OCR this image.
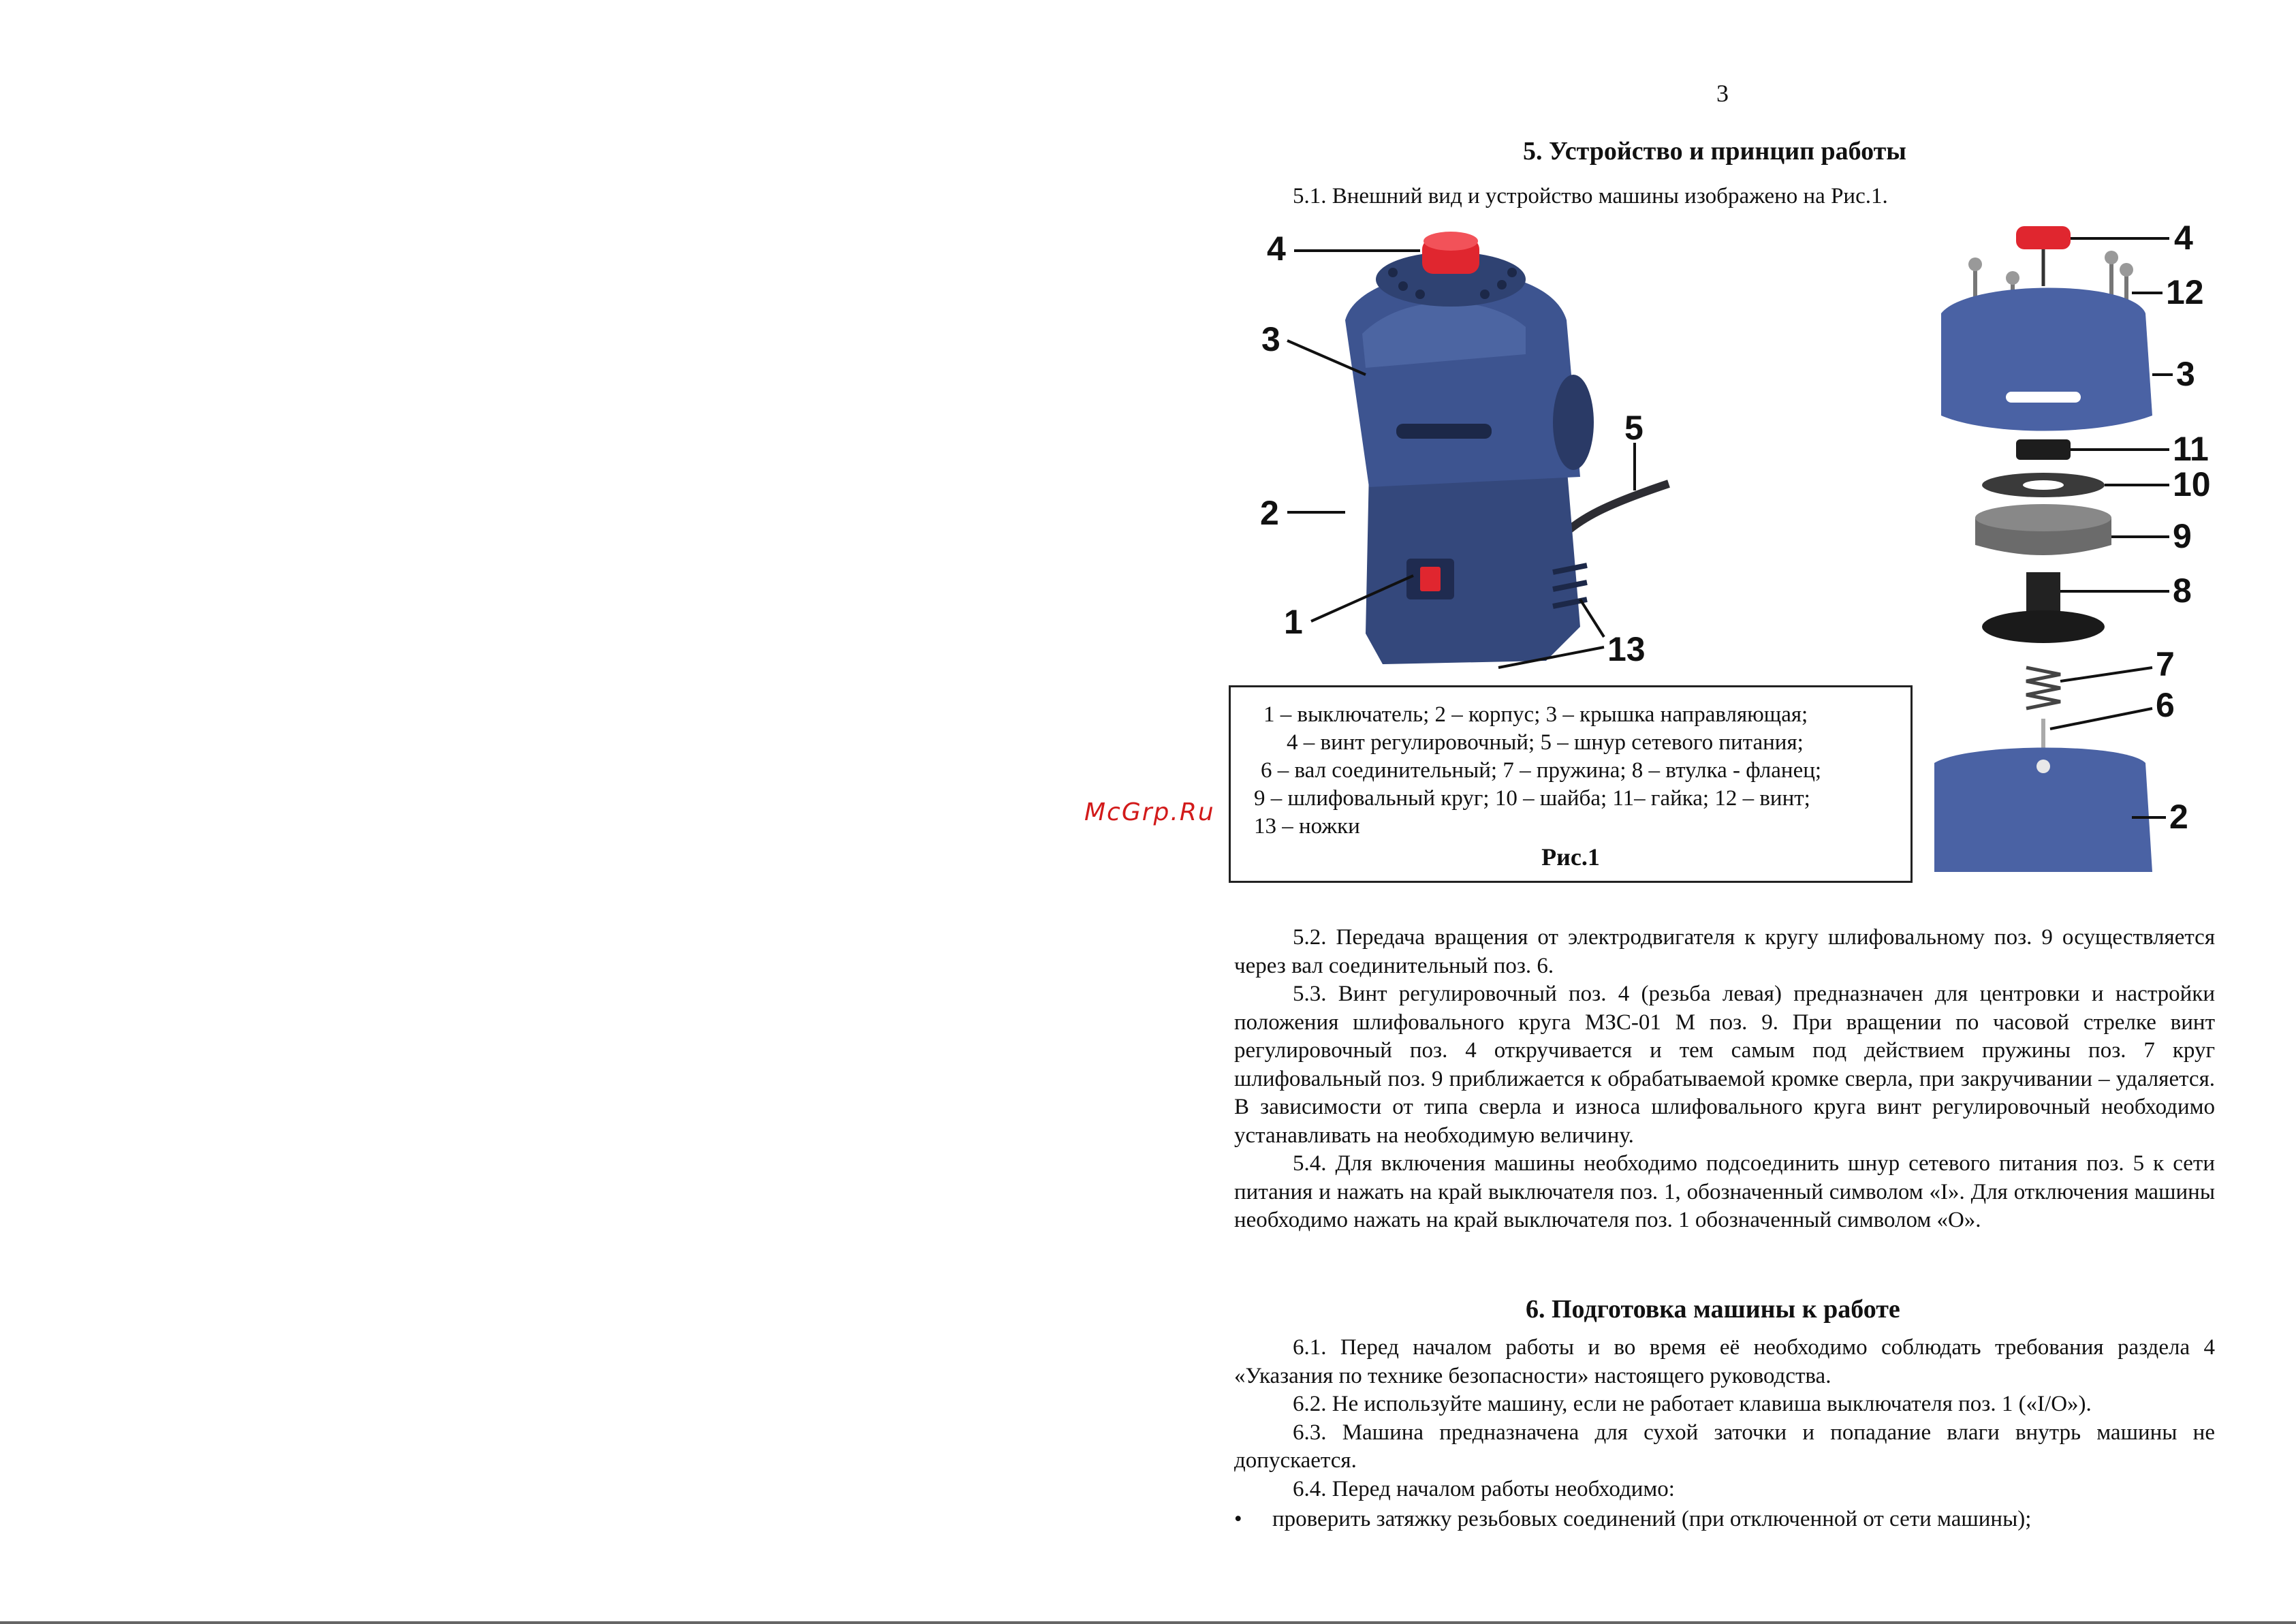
McGrp.Ru
3
5. Устройство и принцип работы
5.1. Внешний вид и устройство машины изображено на Рис.1.
4
3
5
2
1
13
4
12
3
11
10
9
8
7
6
2
1 – выключатель; 2 – корпус; 3 – крышка направляющая;
4 – винт регулировочный; 5 – шнур сетевого питания;
6 – вал соединительный; 7 – пружина; 8 – втулка - фланец;
9 – шлифовальный круг; 10 – шайба; 11– гайка; 12 – винт;
13 – ножки
Рис.1

5.2. Передача вращения от электродвигателя к кругу шлифовальному поз. 9 осуществляется через вал соединительный поз. 6.

5.3. Винт регулировочный поз. 4 (резьба левая) предназначен для центровки и настройки положения шлифовального круга МЗС-01 М поз. 9. При вращении по часовой стрелке винт регулировочный поз. 4 откручивается и тем самым под действием пружины поз. 7 круг шлифовальный поз. 9 приближается к обрабатываемой кромке сверла, при закручивании – удаляется. В зависимости от типа сверла и износа шлифовального круга винт регулировочный необходимо устанавливать на необходимую величину.

5.4. Для включения машины необходимо подсоединить шнур сетевого питания поз. 5 к сети питания и нажать на край выключателя поз. 1, обозначенный символом «I». Для отключения машины необходимо нажать на край выключателя поз. 1 обозначенный символом «O».

6. Подготовка машины к работе

6.1. Перед началом работы и во время её необходимо соблюдать требования раздела 4 «Указания по технике безопасности» настоящего руководства.

6.2. Не используйте машину, если не работает клавиша выключателя поз. 1 («I/O»).

6.3. Машина предназначена для сухой заточки и попадание влаги внутрь машины не допускается.

6.4. Перед началом работы необходимо:

• проверить затяжку резьбовых соединений (при отключенной от сети машины);
